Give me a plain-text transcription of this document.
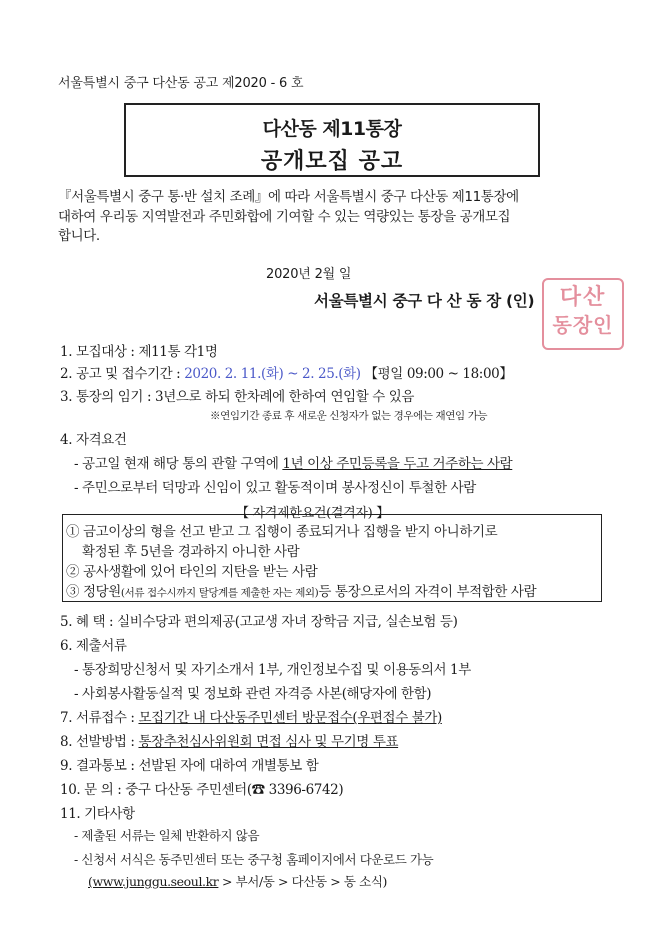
서울특별시 중구 다산동 공고 제2020 - 6 호
다산동 제11통장
공개모집 공고
『서울특별시 중구 통·반 설치 조례』에 따라 서울특별시 중구 다산동 제11통장에
대하여 우리동 지역발전과 주민화합에 기여할 수 있는 역량있는 통장을 공개모집
합니다.
2020년 2월 일
서울특별시 중구 다 산 동 장 (인)	다산
동장인
1. 모집대상 : 제11통 각1명
2. 공고 및 접수기간 : 2020. 2. 11.(화) ~ 2. 25.(화) 【평일 09:00 ~ 18:00】
3. 통장의 임기 : 3년으로 하되 한차례에 한하여 연임할 수 있음
※연임기간 종료 후 새로운 신청자가 없는 경우에는 재연임 가능
4. 자격요건
- 공고일 현재 해당 통의 관할 구역에 1년 이상 주민등록을 두고 거주하는 사람
- 주민으로부터 덕망과 신임이 있고 활동적이며 봉사정신이 투철한 사람
【 자격제한요건(결격자) 】
① 금고이상의 형을 선고 받고 그 집행이 종료되거나 집행을 받지 아니하기로
확정된 후 5년을 경과하지 아니한 사람
② 공사생활에 있어 타인의 지탄을 받는 사람
③ 정당원(서류 접수시까지 탈당계를 제출한 자는 제외)등 통장으로서의 자격이 부적합한 사람
5. 혜 택 : 실비수당과 편의제공(고교생 자녀 장학금 지급, 실손보험 등)
6. 제출서류
- 통장희망신청서 및 자기소개서 1부, 개인정보수집 및 이용동의서 1부
- 사회봉사활동실적 및 정보화 관련 자격증 사본(해당자에 한함)
7. 서류접수 : 모집기간 내 다산동주민센터 방문접수(우편접수 불가)
8. 선발방법 : 통장추천심사위원회 면접 심사 및 무기명 투표
9. 결과통보 : 선발된 자에 대하여 개별통보 함
10. 문 의 : 중구 다산동 주민센터(☎ 3396-6742)
11. 기타사항
- 제출된 서류는 일체 반환하지 않음
- 신청서 서식은 동주민센터 또는 중구청 홈페이지에서 다운로드 가능
(www.junggu.seoul.kr > 부서/동 > 다산동 > 동 소식)
